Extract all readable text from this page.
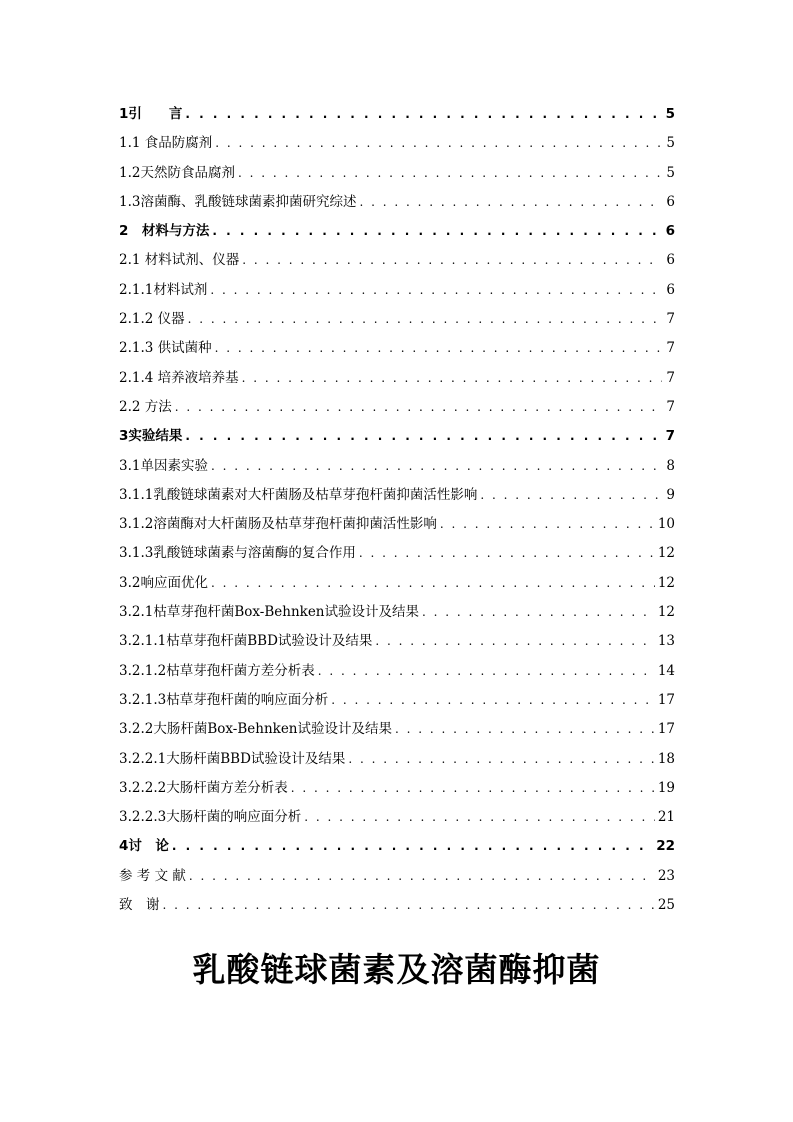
1引　　言 . . .	5
1.1 食品防腐剂 . . .	5
1.2天然防食品腐剂 . . .	5
1.3溶菌酶、乳酸链球菌素抑菌研究综述 . . .	6
2　材料与方法 . . .	6
2.1 材料试剂、仪器 . . .	6
2.1.1材料试剂 . . .	6
2.1.2 仪器 . . .	7
2.1.3 供试菌种 . . .	7
2.1.4 培养液培养基 . . .	7
2.2 方法 . . .	7
3实验结果 . . .	7
3.1单因素实验 . . .	8
3.1.1乳酸链球菌素对大杆菌肠及枯草芽孢杆菌抑菌活性影响 . . .	9
3.1.2溶菌酶对大杆菌肠及枯草芽孢杆菌抑菌活性影响 . . .	10
3.1.3乳酸链球菌素与溶菌酶的复合作用 . . .	12
3.2响应面优化 . . .	12
3.2.1枯草芽孢杆菌Box-Behnken试验设计及结果 . . .	12
3.2.1.1枯草芽孢杆菌BBD试验设计及结果 . . .	13
3.2.1.2枯草芽孢杆菌方差分析表 . . .	14
3.2.1.3枯草芽孢杆菌的响应面分析 . . .	17
3.2.2大肠杆菌Box-Behnken试验设计及结果 . . .	17
3.2.2.1大肠杆菌BBD试验设计及结果 . . .	18
3.2.2.2大肠杆菌方差分析表 . . .	19
3.2.2.3大肠杆菌的响应面分析 . . .	21
4讨　论 . . .	22
参 考 文 献 . . .	23
致　谢 . . .	25
乳酸链球菌素及溶菌酶抑菌
